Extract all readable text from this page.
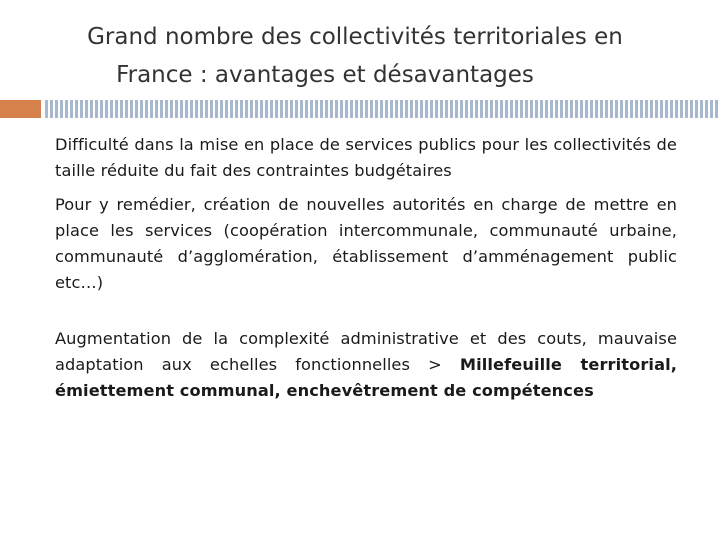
Grand nombre des collectivités territoriales en
France : avantages et désavantages

Difficulté dans la mise en place de services publics pour les collectivités de taille réduite du fait des contraintes budgétaires

Pour y remédier, création de nouvelles autorités en charge de mettre en place les services (coopération intercommunale, communauté urbaine, communauté d’agglomération, établissement d’amménagement public etc…)

Augmentation de la complexité administrative et des couts, mauvaise adaptation aux echelles fonctionnelles > Millefeuille territorial, émiettement communal, enchevêtrement de compétences
